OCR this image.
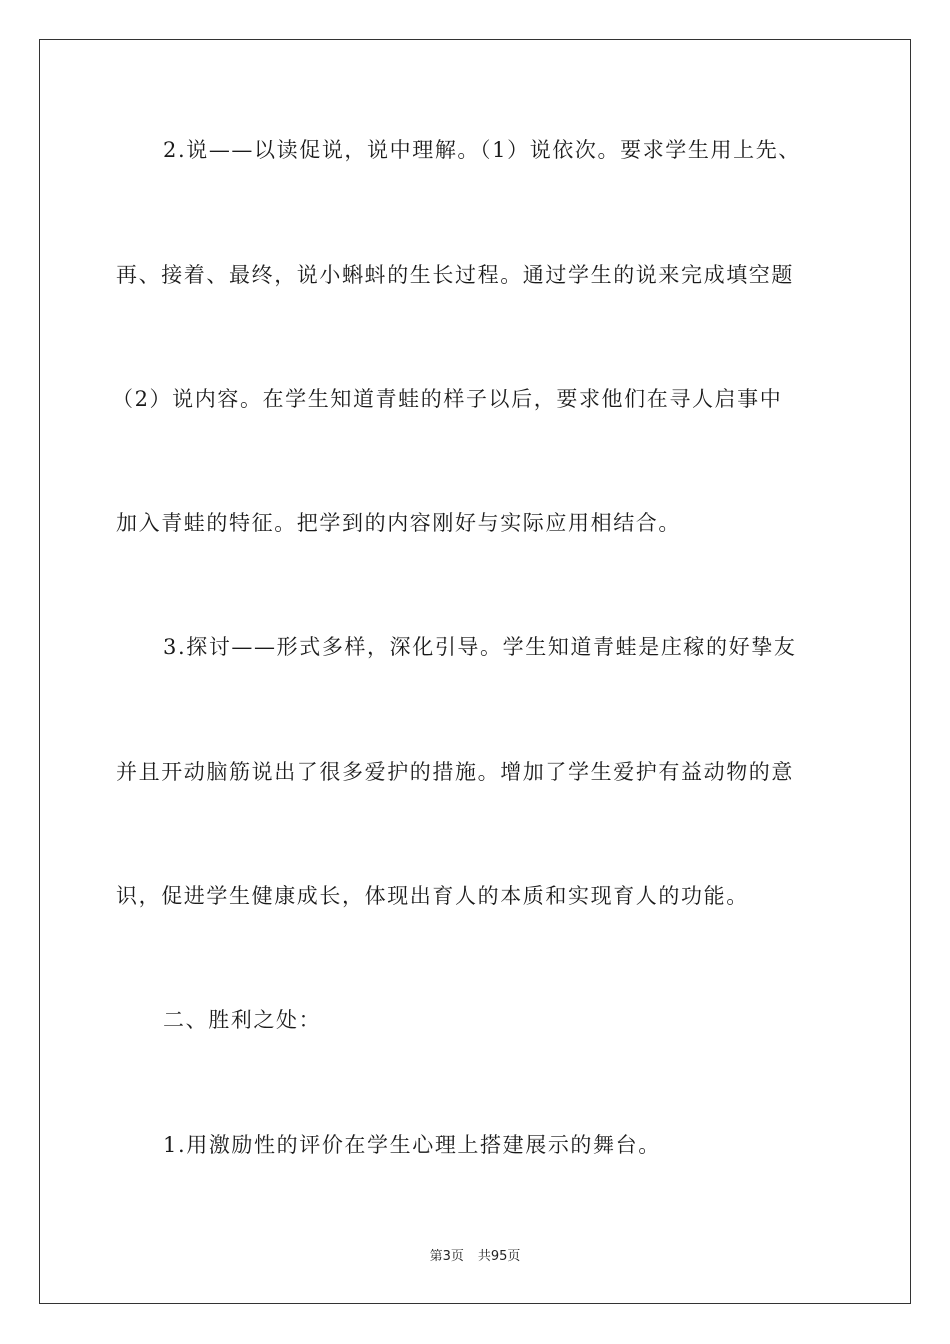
2.说——以读促说，说中理解。（1）说依次。要求学生用上先、
再、接着、最终，说小蝌蚪的生长过程。通过学生的说来完成填空题
（2）说内容。在学生知道青蛙的样子以后，要求他们在寻人启事中
加入青蛙的特征。把学到的内容刚好与实际应用相结合。
3.探讨——形式多样，深化引导。学生知道青蛙是庄稼的好挚友
并且开动脑筋说出了很多爱护的措施。增加了学生爱护有益动物的意
识，促进学生健康成长，体现出育人的本质和实现育人的功能。
二、胜利之处：
1.用激励性的评价在学生心理上搭建展示的舞台。
第3页 共95页
